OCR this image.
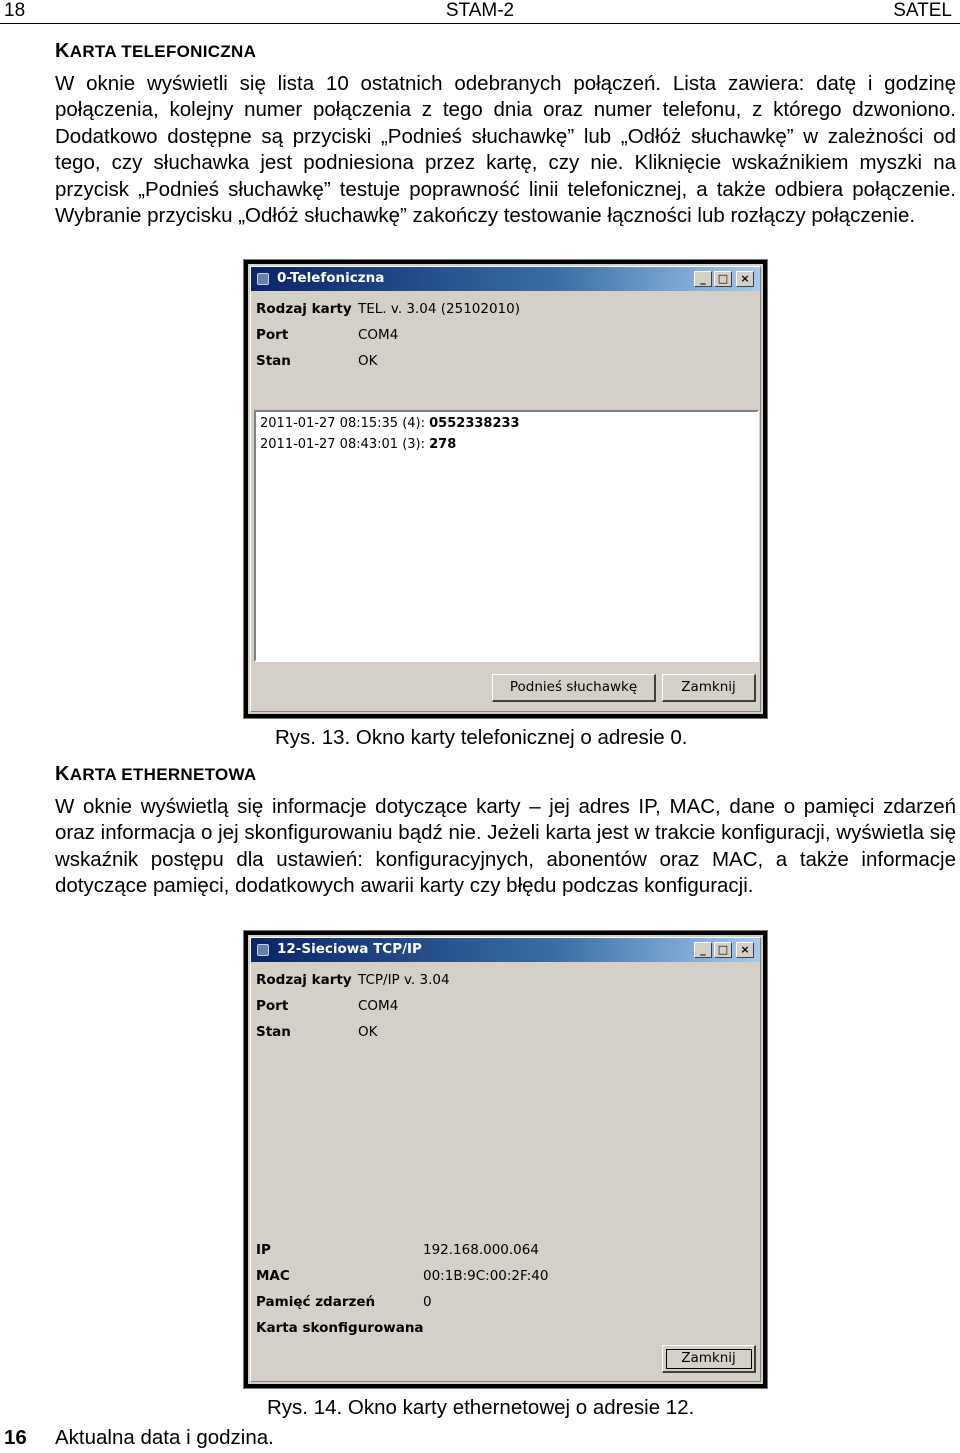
18	STAM-2	SATEL
KARTA TELEFONICZNA
W oknie wyświetli się lista 10 ostatnich odebranych połączeń. Lista zawiera: datę i godzinę połączenia, kolejny numer połączenia z tego dnia oraz numer telefonu, z którego dzwoniono. Dodatkowo dostępne są przyciski „Podnieś słuchawkę” lub „Odłóż słuchawkę” w zależności od tego, czy słuchawka jest podniesiona przez kartę, czy nie. Kliknięcie wskaźnikiem myszki na przycisk „Podnieś słuchawkę” testuje poprawność linii telefonicznej, a także odbiera połączenie. Wybranie przycisku „Odłóż słuchawkę” zakończy testowanie łączności lub rozłączy połączenie.
0-Telefoniczna	_	□	×
Rodzaj karty TEL. v. 3.04 (25102010)
Port	COM4
Stan	OK
2011-01-27 08:15:35 (4): 0552338233
2011-01-27 08:43:01 (3): 278
Podnieś słuchawkę	Zamknij
Rys. 13. Okno karty telefonicznej o adresie 0.
KARTA ETHERNETOWA
W oknie wyświetlą się informacje dotyczące karty – jej adres IP, MAC, dane o pamięci zdarzeń oraz informacja o jej skonfigurowaniu bądź nie. Jeżeli karta jest w trakcie konfiguracji, wyświetla się wskaźnik postępu dla ustawień: konfiguracyjnych, abonentów oraz MAC, a także informacje dotyczące pamięci, dodatkowych awarii karty czy błędu podczas konfiguracji.
12-Sieciowa TCP/IP	_	□	×
Rodzaj karty TCP/IP v. 3.04
Port	COM4
Stan	OK
IP	192.168.000.064
MAC	00:1B:9C:00:2F:40
Pamięć zdarzeń	0
Karta skonfigurowana
Zamknij
Rys. 14. Okno karty ethernetowej o adresie 12.
16 Aktualna data i godzina.
